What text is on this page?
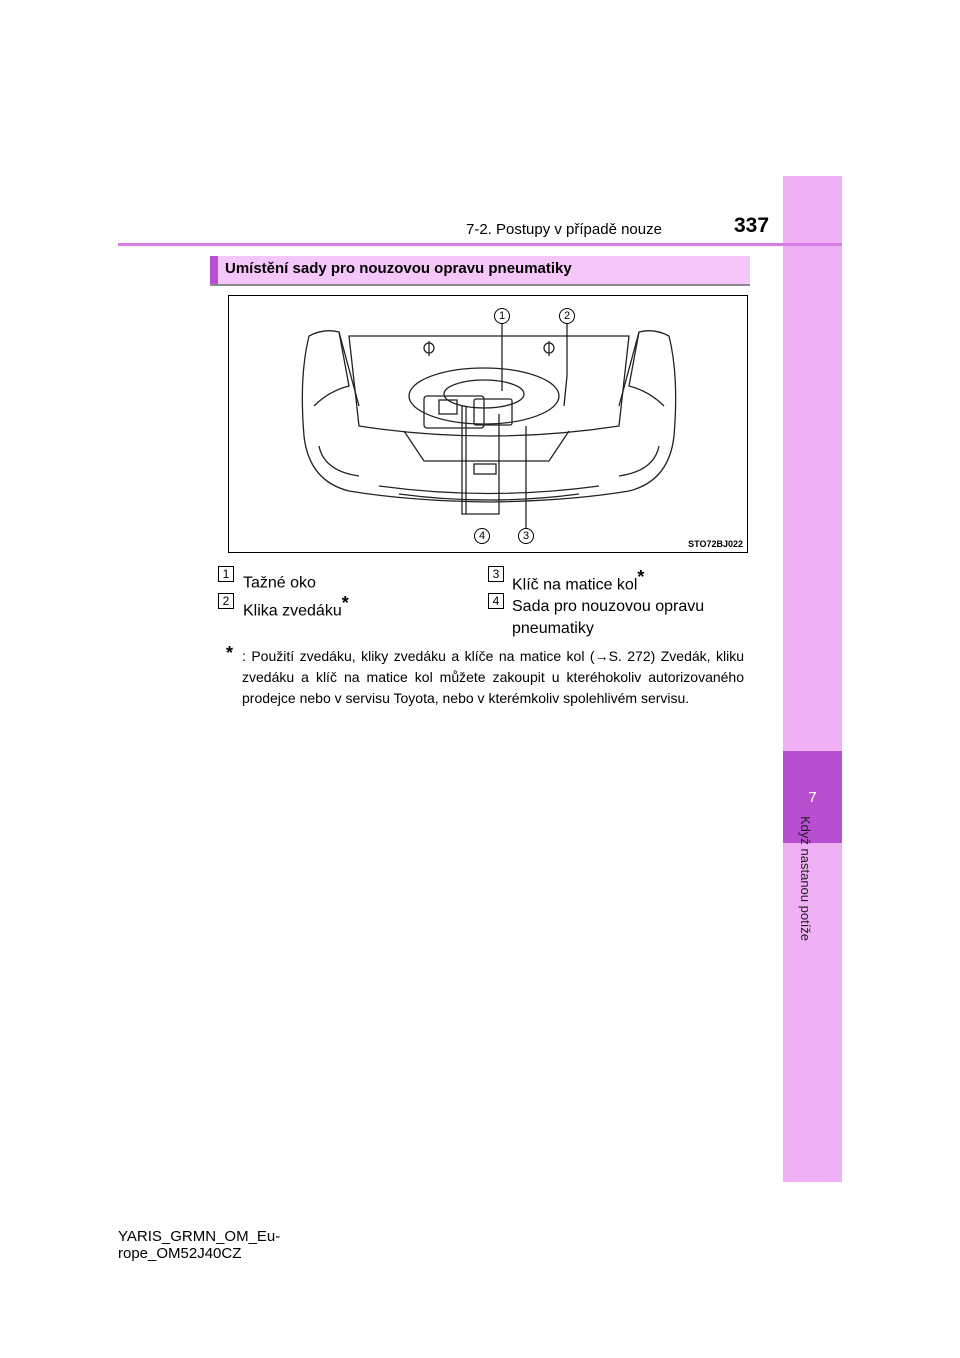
7
Když nastanou potíže
337
7-2. Postupy v případě nouze
Umístění sady pro nouzovou opravu pneumatiky
1	2
4	3
STO72BJ022
1
Tažné oko
2
Klika zvedáku*
3
Klíč na matice kol*
4 Sada pro nouzovou opravu pneumatiky
* : Použití zvedáku, kliky zvedáku a klíče na matice kol (→S. 272) Zvedák, kliku zvedáku a klíč na matice kol můžete zakoupit u kteréhokoliv autorizovaného prodejce nebo v servisu Toyota, nebo v kterémkoliv spolehlivém servisu.
YARIS_GRMN_OM_Eu-
rope_OM52J40CZ
